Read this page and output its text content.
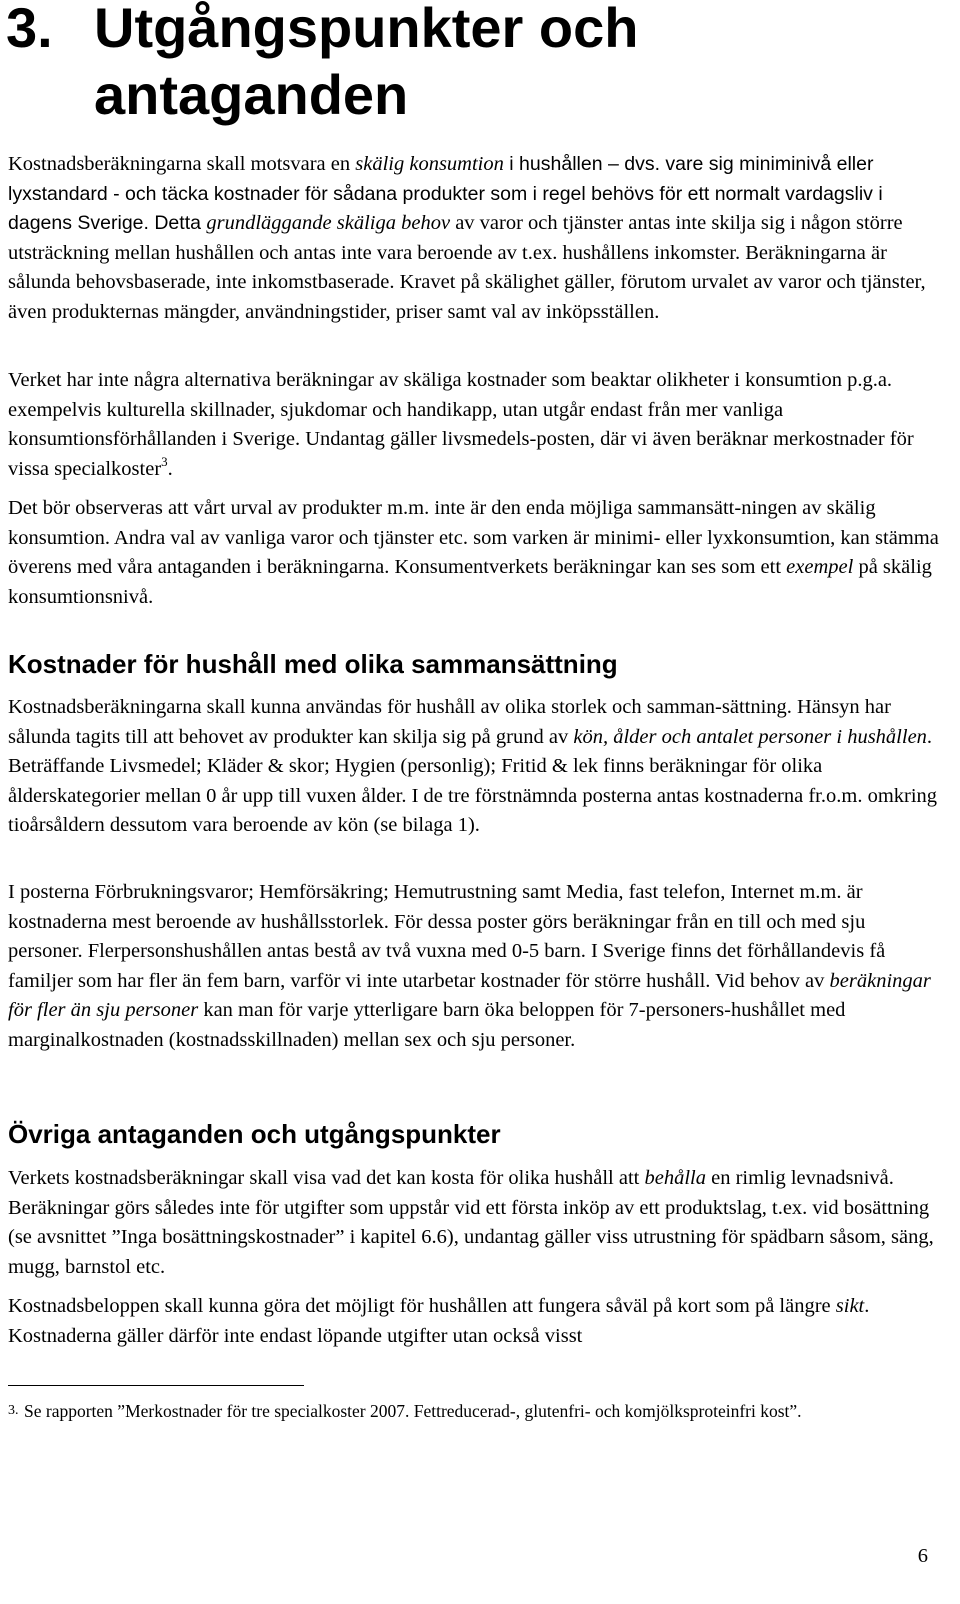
3. Utgångspunkter och antaganden

Kostnadsberäkningarna skall motsvara en skälig konsumtion i hushållen – dvs. vare sig miniminivå eller lyxstandard - och täcka kostnader för sådana produkter som i regel behövs för ett normalt vardagsliv i dagens Sverige. Detta grundläggande skäliga behov av varor och tjänster antas inte skilja sig i någon större utsträckning mellan hushållen och antas inte vara beroende av t.ex. hushållens inkomster. Beräkningarna är sålunda behovsbaserade, inte inkomstbaserade. Kravet på skälighet gäller, förutom urvalet av varor och tjänster, även produkternas mängder, användningstider, priser samt val av inköpsställen.

Verket har inte några alternativa beräkningar av skäliga kostnader som beaktar olikheter i konsumtion p.g.a. exempelvis kulturella skillnader, sjukdomar och handikapp, utan utgår endast från mer vanliga konsumtionsförhållanden i Sverige. Undantag gäller livsmedels-posten, där vi även beräknar merkostnader för vissa specialkoster$^3$.

Det bör observeras att vårt urval av produkter m.m. inte är den enda möjliga sammansätt-ningen av skälig konsumtion. Andra val av vanliga varor och tjänster etc. som varken är minimi- eller lyxkonsumtion, kan stämma överens med våra antaganden i beräkningarna. Konsumentverkets beräkningar kan ses som ett exempel på skälig konsumtionsnivå.

Kostnader för hushåll med olika sammansättning

Kostnadsberäkningarna skall kunna användas för hushåll av olika storlek och samman-sättning. Hänsyn har sålunda tagits till att behovet av produkter kan skilja sig på grund av kön, ålder och antalet personer i hushållen. Beträffande Livsmedel; Kläder & skor; Hygien (personlig); Fritid & lek finns beräkningar för olika ålderskategorier mellan 0 år upp till vuxen ålder. I de tre förstnämnda posterna antas kostnaderna fr.o.m. omkring tioårsåldern dessutom vara beroende av kön (se bilaga 1).

I posterna Förbrukningsvaror; Hemförsäkring; Hemutrustning samt Media, fast telefon, Internet m.m. är kostnaderna mest beroende av hushållsstorlek. För dessa poster görs beräkningar från en till och med sju personer. Flerpersonshushållen antas bestå av två vuxna med 0-5 barn. I Sverige finns det förhållandevis få familjer som har fler än fem barn, varför vi inte utarbetar kostnader för större hushåll. Vid behov av beräkningar för fler än sju personer kan man för varje ytterligare barn öka beloppen för 7-personers-hushållet med marginalkostnaden (kostnadsskillnaden) mellan sex och sju personer.

Övriga antaganden och utgångspunkter

Verkets kostnadsberäkningar skall visa vad det kan kosta för olika hushåll att behålla en rimlig levnadsnivå. Beräkningar görs således inte för utgifter som uppstår vid ett första inköp av ett produktslag, t.ex. vid bosättning (se avsnittet ”Inga bosättningskostnader” i kapitel 6.6), undantag gäller viss utrustning för spädbarn såsom, säng, mugg, barnstol etc.

Kostnadsbeloppen skall kunna göra det möjligt för hushållen att fungera såväl på kort som på längre sikt. Kostnaderna gäller därför inte endast löpande utgifter utan också visst

3. Se rapporten ”Merkostnader för tre specialkoster 2007. Fettreducerad-, glutenfri- och komjölksproteinfri kost”.

6
